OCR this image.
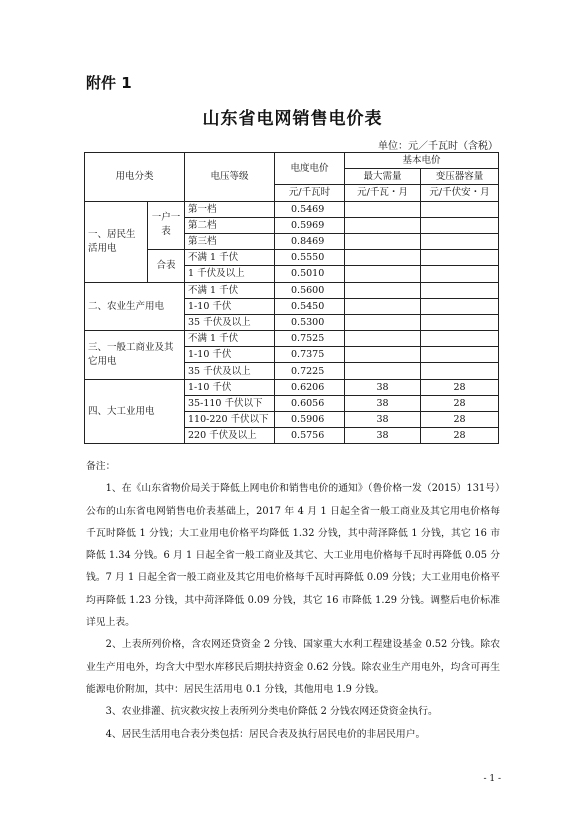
附件 1
山东省电网销售电价表
单位：元／千瓦时（含税）
用电分类		电压等级	电度电价	基本电价	
				最大需量	变压器容量
			元/千瓦时	元/千瓦・月	元/千伏安・月
一、居民生活用电	一户一表	第一档	0.5469		
		第二档	0.5969		
		第三档	0.8469		
	合表	不满 1 千伏	0.5550		
		1 千伏及以上	0.5010		
二、农业生产用电		不满 1 千伏	0.5600		
		1-10 千伏	0.5450		
		35 千伏及以上	0.5300		
三、一般工商业及其它用电		不满 1 千伏	0.7525		
		1-10 千伏	0.7375		
		35 千伏及以上	0.7225		
四、大工业用电		1-10 千伏	0.6206	38	28
		35-110 千伏以下	0.6056	38	28
		110-220 千伏以下	0.5906	38	28
		220 千伏及以上	0.5756	38	28

备注：

1、在《山东省物价局关于降低上网电价和销售电价的通知》（鲁价格一发（2015）131号）公布的山东省电网销售电价表基础上，2017 年 4 月 1 日起全省一般工商业及其它用电价格每千瓦时降低 1 分钱；大工业用电价格平均降低 1.32 分钱，其中菏泽降低 1 分钱，其它 16 市降低 1.34 分钱。6 月 1 日起全省一般工商业及其它、大工业用电价格每千瓦时再降低 0.05 分钱。7 月 1 日起全省一般工商业及其它用电价格每千瓦时再降低 0.09 分钱；大工业用电价格平均再降低 1.23 分钱，其中菏泽降低 0.09 分钱，其它 16 市降低 1.29 分钱。调整后电价标准详见上表。

2、上表所列价格，含农网还贷资金 2 分钱、国家重大水利工程建设基金 0.52 分钱。除农业生产用电外，均含大中型水库移民后期扶持资金 0.62 分钱。除农业生产用电外，均含可再生能源电价附加，其中：居民生活用电 0.1 分钱，其他用电 1.9 分钱。

3、农业排灌、抗灾救灾按上表所列分类电价降低 2 分钱农网还贷资金执行。

4、居民生活用电合表分类包括：居民合表及执行居民电价的非居民用户。

- 1 -
